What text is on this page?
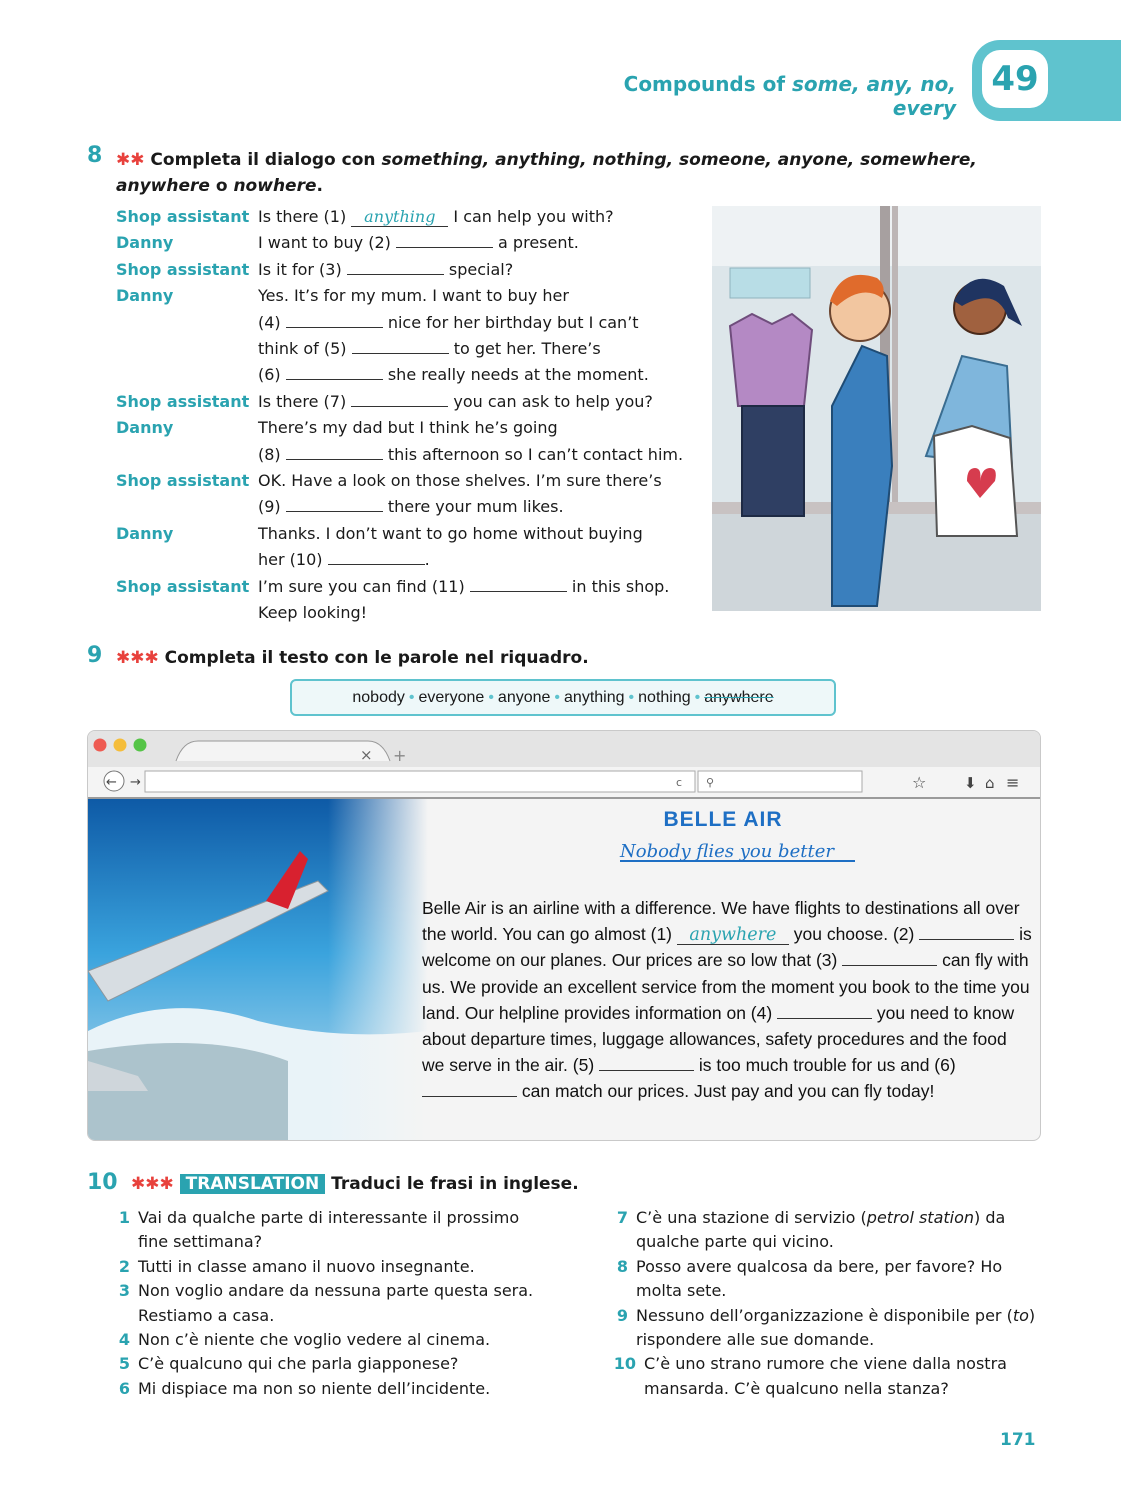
Compounds of some, any, no, every
49
8 ✱✱ Completa il dialogo con something, anything, nothing, someone, anyone, somewhere, anywhere o nowhere.
Shop assistant Is there (1) anything I can help you with?
Danny	I want to buy (2)	a present.
Shop assistant Is it for (3)	special?
Danny	Yes. It’s for my mum. I want to buy her
(4)	nice for her birthday but I can’t
think of (5)	to get her. There’s
(6)	she really needs at the moment.
Shop assistant Is there (7)	you can ask to help you?
Danny	There’s my dad but I think he’s going
(8)	this afternoon so I can’t contact him.
Shop assistant OK. Have a look on those shelves. I’m sure there’s
(9)	there your mum likes.
Danny	Thanks. I don’t want to go home without buying
her (10)	.
Shop assistant I’m sure you can find (11)	in this shop.
Keep looking!
9 ✱✱✱ Completa il testo con le parole nel riquadro.
nobody • everyone • anyone • anything • nothing • anywhere
× +
← →	c ⚲	☆	⬇ ⌂ ≡
BELLE AIR
Nobody flies you better
Belle Air is an airline with a difference. We have flights to destinations all over the world. You can go almost (1) anywhere you choose. (2)	is welcome on our planes. Our prices are so low that (3)	can fly with us. We provide an excellent service from the moment you book to the time you land. Our helpline provides information on (4)	you need to know about departure times, luggage allowances, safety procedures and the food we serve in the air. (5)	is too much trouble for us and (6)  can match our prices. Just pay and you can fly today!
10 ✱✱✱ TRANSLATION Traduci le frasi in inglese.
1 Vai da qualche parte di interessante il prossimo fine settimana?
2 Tutti in classe amano il nuovo insegnante.
3 Non voglio andare da nessuna parte questa sera. Restiamo a casa.
4 Non c’è niente che voglio vedere al cinema.
5 C’è qualcuno qui che parla giapponese?
6 Mi dispiace ma non so niente dell’incidente.
7 C’è una stazione di servizio (petrol station) da qualche parte qui vicino.
8 Posso avere qualcosa da bere, per favore? Ho molta sete.
9 Nessuno dell’organizzazione è disponibile per (to) rispondere alle sue domande.
10 C’è uno strano rumore che viene dalla nostra mansarda. C’è qualcuno nella stanza?
171
